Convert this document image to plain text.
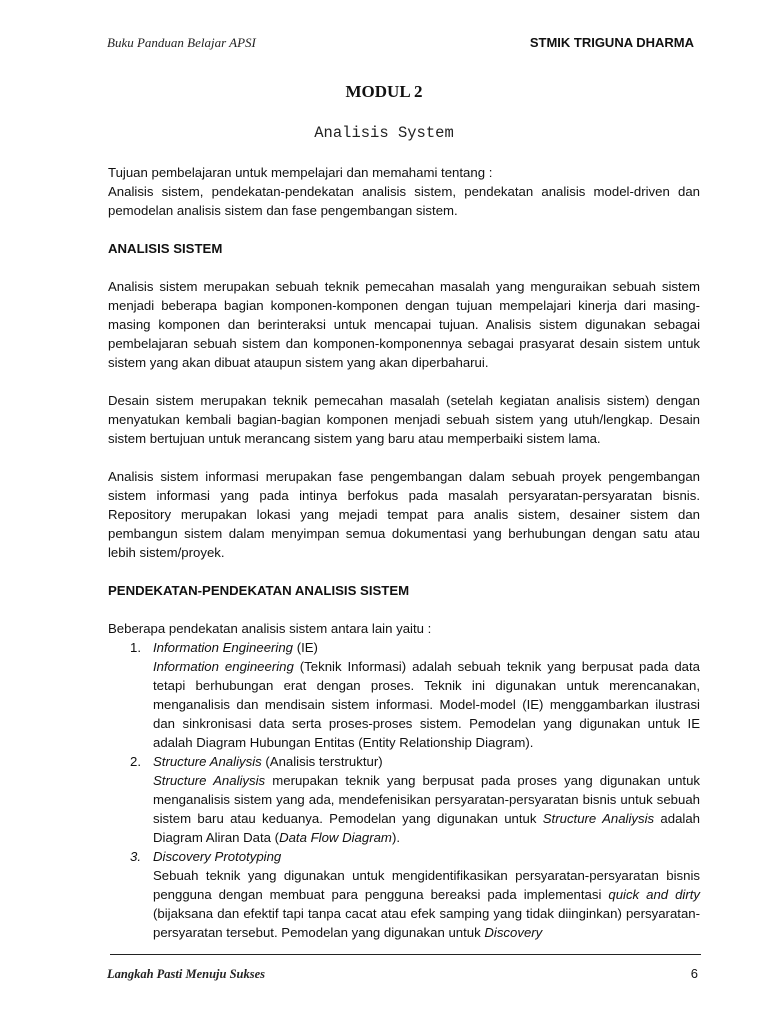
Buku Panduan Belajar APSI	STMIK TRIGUNA DHARMA
MODUL 2
Analisis System

Tujuan pembelajaran untuk mempelajari dan memahami tentang :

Analisis sistem, pendekatan-pendekatan analisis sistem, pendekatan analisis model-driven dan pemodelan analisis sistem dan fase pengembangan sistem.

ANALISIS SISTEM

Analisis sistem merupakan sebuah teknik pemecahan masalah yang menguraikan sebuah sistem menjadi beberapa bagian komponen-komponen dengan tujuan mempelajari kinerja dari masing-masing komponen dan berinteraksi untuk mencapai tujuan. Analisis sistem digunakan sebagai pembelajaran sebuah sistem dan komponen-komponennya sebagai prasyarat desain sistem untuk sistem yang akan dibuat ataupun sistem yang akan diperbaharui.

Desain sistem merupakan teknik pemecahan masalah (setelah kegiatan analisis sistem) dengan menyatukan kembali bagian-bagian komponen menjadi sebuah sistem yang utuh/lengkap. Desain sistem bertujuan untuk merancang sistem yang baru atau memperbaiki sistem lama.

Analisis sistem informasi merupakan fase pengembangan dalam sebuah proyek pengembangan sistem informasi yang pada intinya berfokus pada masalah persyaratan-persyaratan bisnis. Repository merupakan lokasi yang mejadi tempat para analis sistem, desainer sistem dan pembangun sistem dalam menyimpan semua dokumentasi yang berhubungan dengan satu atau lebih sistem/proyek.

PENDEKATAN-PENDEKATAN ANALISIS SISTEM

Beberapa pendekatan analisis sistem antara lain yaitu :

1. Information Engineering (IE)
Information engineering (Teknik Informasi) adalah sebuah teknik yang berpusat pada data tetapi berhubungan erat dengan proses. Teknik ini digunakan untuk merencanakan, menganalisis dan mendisain sistem informasi. Model-model (IE) menggambarkan ilustrasi dan sinkronisasi data serta proses-proses sistem. Pemodelan yang digunakan untuk IE adalah Diagram Hubungan Entitas (Entity Relationship Diagram).
2. Structure Analiysis (Analisis terstruktur)
Structure Analiysis merupakan teknik yang berpusat pada proses yang digunakan untuk menganalisis sistem yang ada, mendefenisikan persyaratan-persyaratan bisnis untuk sebuah sistem baru atau keduanya. Pemodelan yang digunakan untuk Structure Analiysis adalah Diagram Aliran Data (Data Flow Diagram).
3. Discovery Prototyping
Sebuah teknik yang digunakan untuk mengidentifikasikan persyaratan-persyaratan bisnis pengguna dengan membuat para pengguna bereaksi pada implementasi quick and dirty (bijaksana dan efektif tapi tanpa cacat atau efek samping yang tidak diinginkan) persyaratan-persyaratan tersebut. Pemodelan yang digunakan untuk Discovery
Langkah Pasti Menuju Sukses	6
